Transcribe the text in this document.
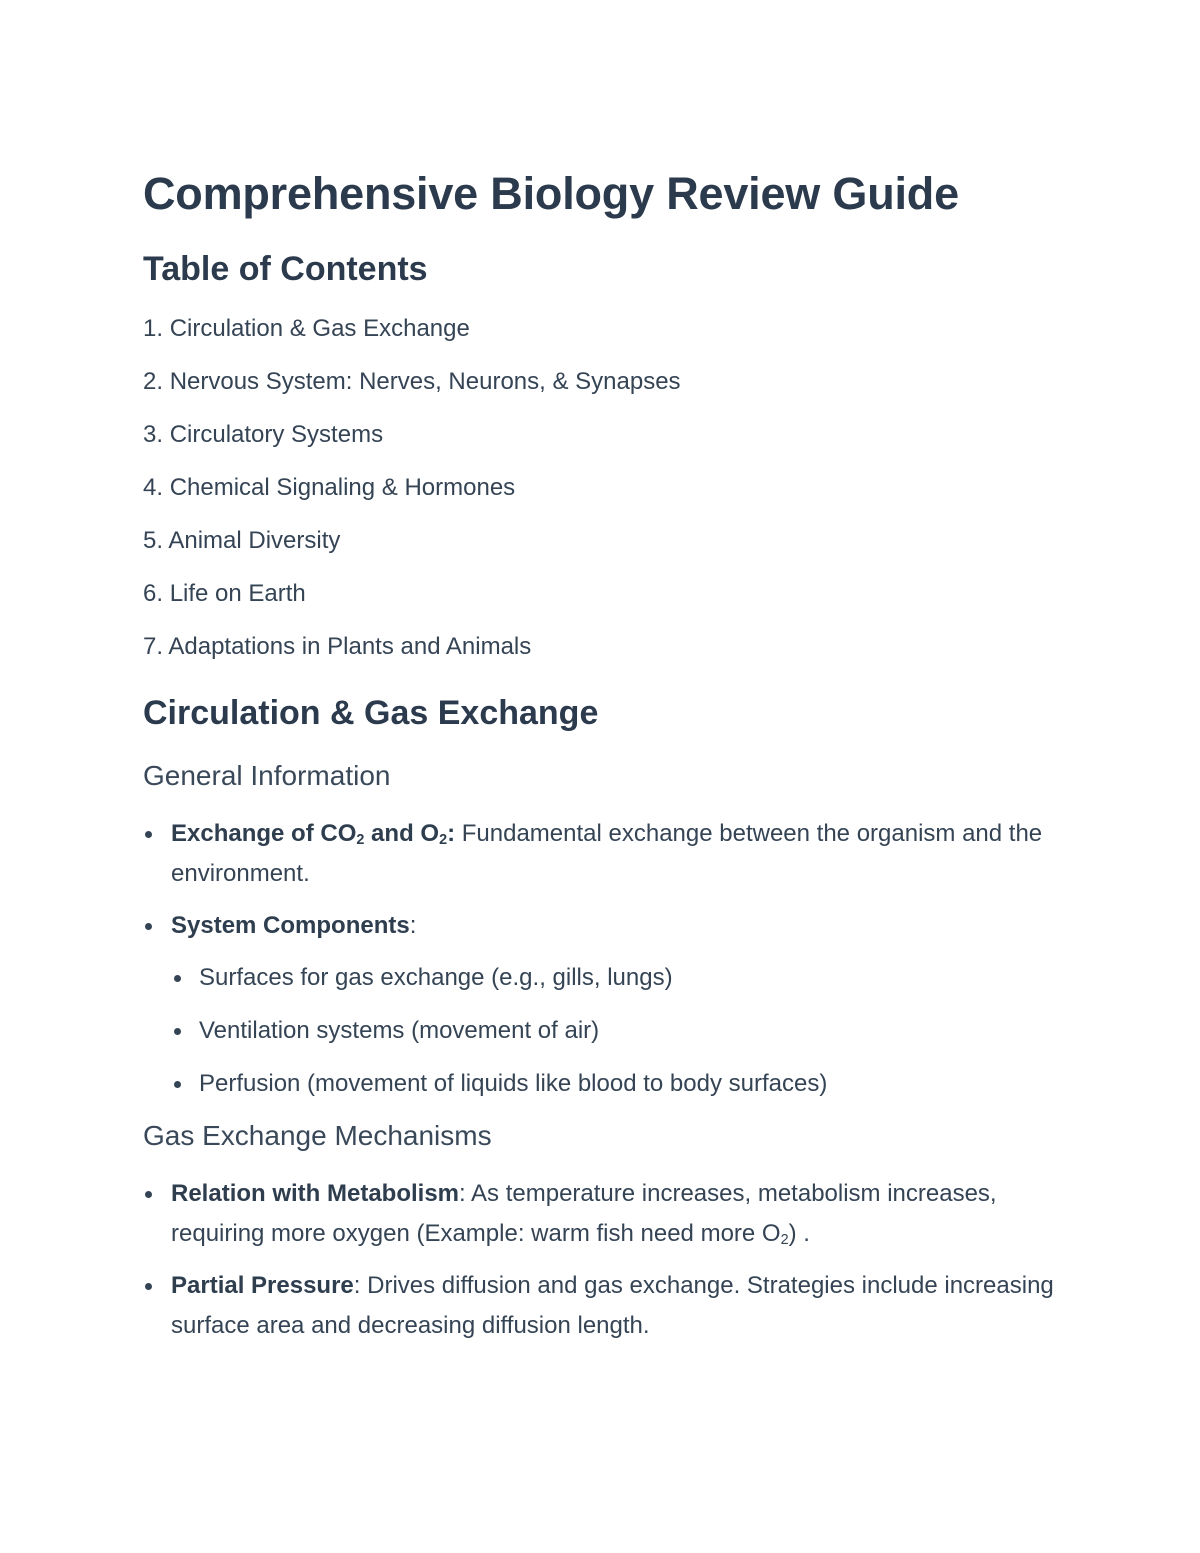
Comprehensive Biology Review Guide
Table of Contents
1. Circulation & Gas Exchange
2. Nervous System: Nerves, Neurons, & Synapses
3. Circulatory Systems
4. Chemical Signaling & Hormones
5. Animal Diversity
6. Life on Earth
7. Adaptations in Plants and Animals
Circulation & Gas Exchange
General Information
Exchange of $CO_2$ and $O_2$: Fundamental exchange between the organism and the environment.
System Components:
Surfaces for gas exchange (e.g., gills, lungs)
Ventilation systems (movement of air)
Perfusion (movement of liquids like blood to body surfaces)
Gas Exchange Mechanisms
Relation with Metabolism: As temperature increases, metabolism increases, requiring more oxygen (Example: warm fish need more $O_2$) .
Partial Pressure: Drives diffusion and gas exchange. Strategies include increasing surface area and decreasing diffusion length.
